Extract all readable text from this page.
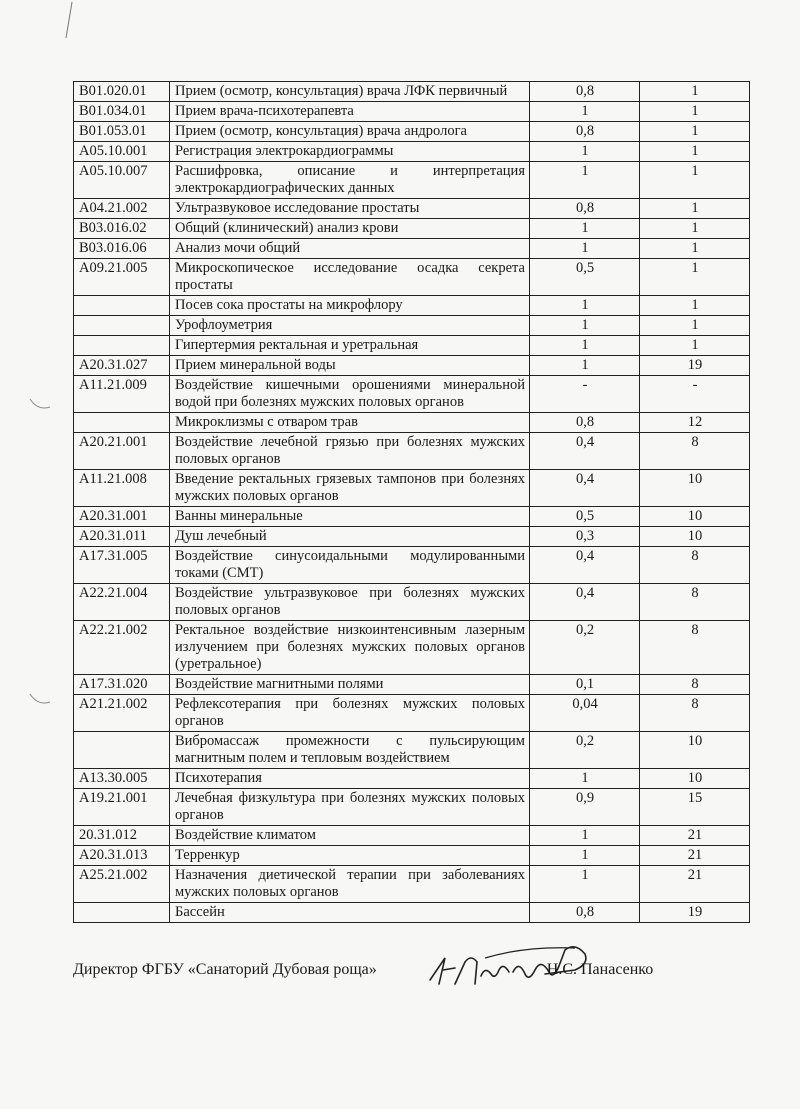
B01.020.01	Прием (осмотр, консультация) врача ЛФК первичный	0,8	1
B01.034.01	Прием врача-психотерапевта	1	1
B01.053.01	Прием (осмотр, консультация) врача андролога	0,8	1
A05.10.001	Регистрация электрокардиограммы	1	1
A05.10.007	Расшифровка, описание и интерпретация электрокардиографических данных	1	1
A04.21.002	Ультразвуковое исследование простаты	0,8	1
B03.016.02	Общий (клинический) анализ крови	1	1
B03.016.06	Анализ мочи общий	1	1
A09.21.005	Микроскопическое исследование осадка секрета простаты	0,5	1
	Посев сока простаты на микрофлору	1	1
	Урофлоуметрия	1	1
	Гипертермия ректальная и уретральная	1	1
A20.31.027	Прием минеральной воды	1	19
A11.21.009	Воздействие кишечными орошениями минеральной водой при болезнях мужских половых органов	-	-
	Микроклизмы с отваром трав	0,8	12
A20.21.001	Воздействие лечебной грязью при болезнях мужских половых органов	0,4	8
A11.21.008	Введение ректальных грязевых тампонов при болезнях мужских половых органов	0,4	10
A20.31.001	Ванны минеральные	0,5	10
A20.31.011	Душ лечебный	0,3	10
A17.31.005	Воздействие синусоидальными модулированными токами (СМТ)	0,4	8
A22.21.004	Воздействие ультразвуковое при болезнях мужских половых органов	0,4	8
A22.21.002	Ректальное воздействие низкоинтенсивным лазерным излучением при болезнях мужских половых органов (уретральное)	0,2	8
A17.31.020	Воздействие магнитными полями	0,1	8
A21.21.002	Рефлексотерапия при болезнях мужских половых органов	0,04	8
	Вибромассаж промежности с пульсирующим магнитным полем и тепловым воздействием	0,2	10
A13.30.005	Психотерапия	1	10
A19.21.001	Лечебная физкультура при болезнях мужских половых органов	0,9	15
20.31.012	Воздействие климатом	1	21
A20.31.013	Терренкур	1	21
A25.21.002	Назначения диетической терапии при заболеваниях мужских половых органов	1	21
	Бассейн	0,8	19
Директор ФГБУ «Санаторий Дубовая роща»	Н.С. Панасенко
